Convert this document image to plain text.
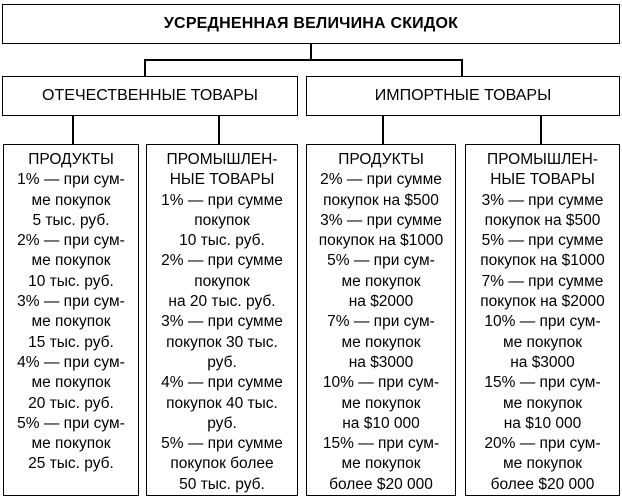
УСРЕДНЕННАЯ ВЕЛИЧИНА СКИДОК
ОТЕЧЕСТВЕННЫЕ ТОВАРЫ	ИМПОРТНЫЕ ТОВАРЫ
ПРОДУКТЫ
1% — при сум-
ме покупок
5 тыс. руб.
2% — при сум-
ме покупок
10 тыс. руб.
3% — при сум-
ме покупок
15 тыс. руб.
4% — при сум-
ме покупок
20 тыс. руб.
5% — при сум-
ме покупок
25 тыс. руб.
ПРОМЫШЛЕН-
НЫЕ ТОВАРЫ
1% — при сумме
покупок
10 тыс. руб.
2% — при сумме
покупок
на 20 тыс. руб.
3% — при сумме
покупок 30 тыс.
руб.
4% — при сумме
покупок 40 тыс.
руб.
5% — при сумме
покупок более
50 тыс. руб.
ПРОДУКТЫ
2% — при сумме
покупок на $500
3% — при сумме
покупок на $1000
5% — при сум-
ме покупок
на $2000
7% — при сум-
ме покупок
на $3000
10% — при сум-
ме покупок
на $10 000
15% — при сум-
ме покупок
более $20 000
ПРОМЫШЛЕН-
НЫЕ ТОВАРЫ
3% — при сумме
покупок на $500
5% — при сумме
покупок на $1000
7% — при сумме
покупок на $2000
10% — при сум-
ме покупок
на $3000
15% — при сум-
ме покупок
на $10 000
20% — при сум-
ме покупок
более $20 000
